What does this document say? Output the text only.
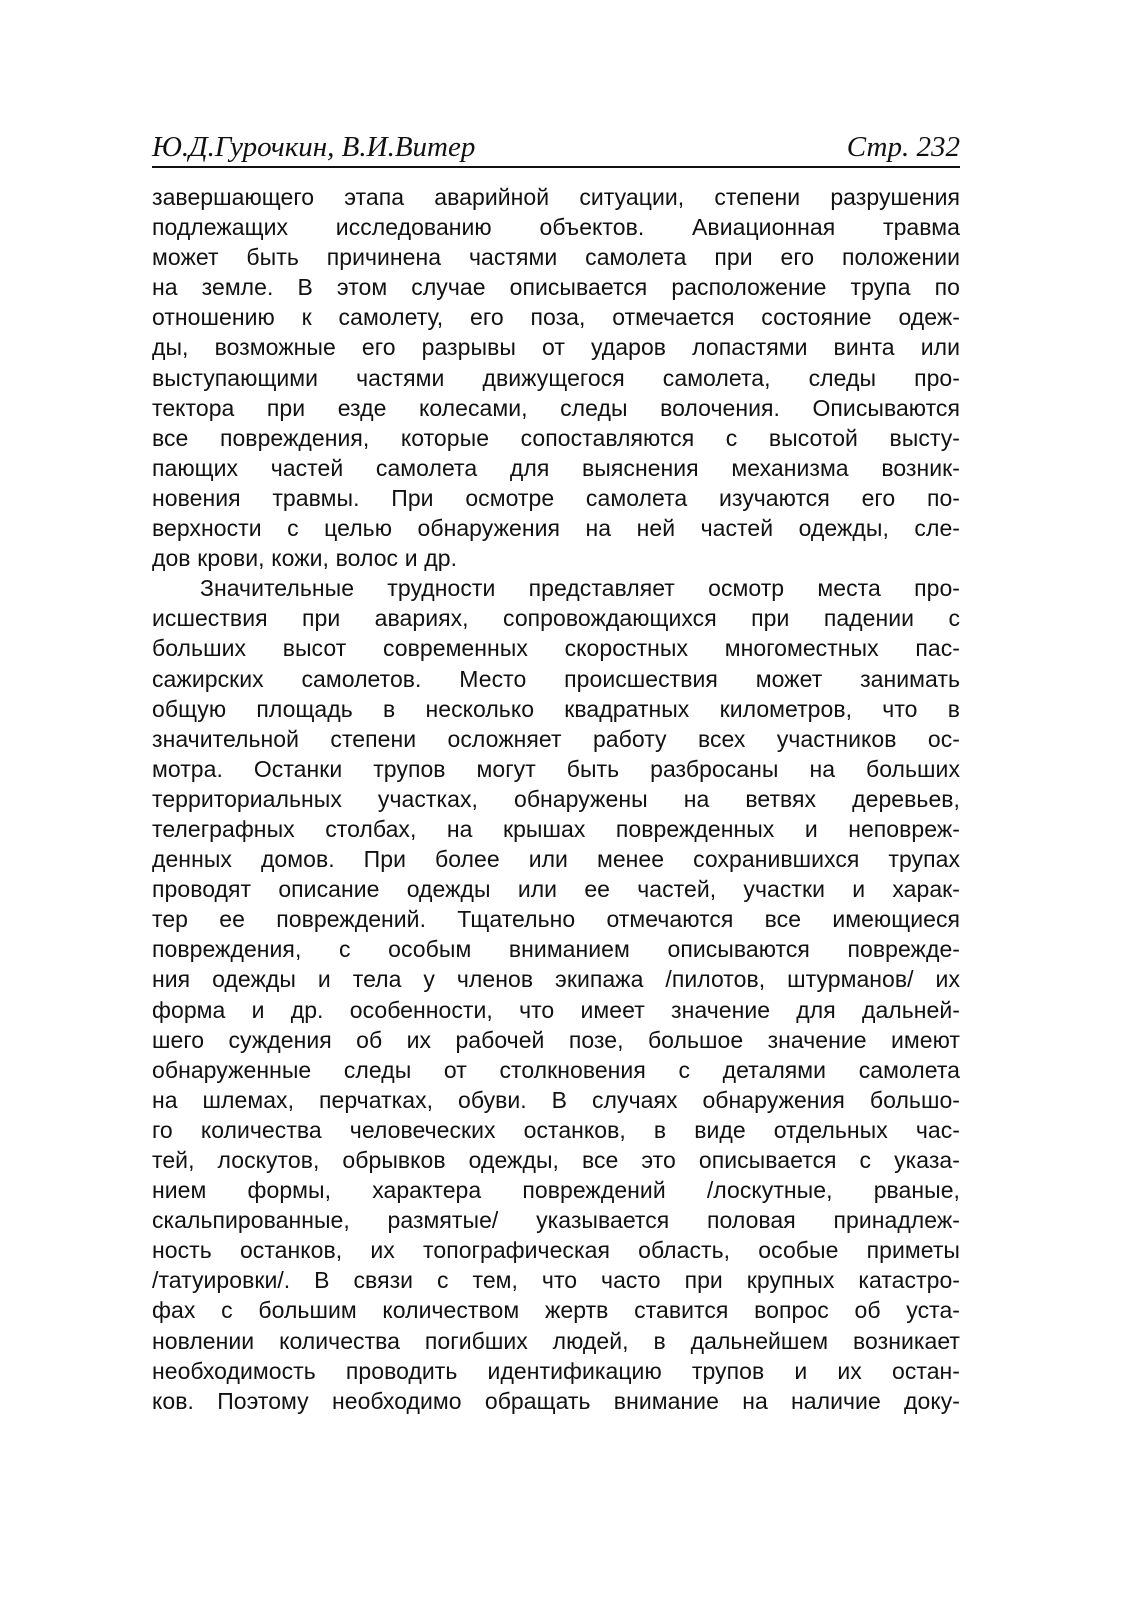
Ю.Д.Гурочкин, В.И.Витер	Стр. 232
завершающего этапа аварийной ситуации, степени разрушения
подлежащих исследованию объектов. Авиационная травма
может быть причинена частями самолета при его положении
на земле. В этом случае описывается расположение трупа по
отношению к самолету, его поза, отмечается состояние одеж-
ды, возможные его разрывы от ударов лопастями винта или
выступающими частями движущегося самолета, следы про-
тектора при езде колесами, следы волочения. Описываются
все повреждения, которые сопоставляются с высотой высту-
пающих частей самолета для выяснения механизма возник-
новения травмы. При осмотре самолета изучаются его по-
верхности с целью обнаружения на ней частей одежды, сле-
дов крови, кожи, волос и др.
Значительные трудности представляет осмотр места про-
исшествия при авариях, сопровождающихся при падении с
больших высот современных скоростных многоместных пас-
сажирских самолетов. Место происшествия может занимать
общую площадь в несколько квадратных километров, что в
значительной степени осложняет работу всех участников ос-
мотра. Останки трупов могут быть разбросаны на больших
территориальных участках, обнаружены на ветвях деревьев,
телеграфных столбах, на крышах поврежденных и неповреж-
денных домов. При более или менее сохранившихся трупах
проводят описание одежды или ее частей, участки и харак-
тер ее повреждений. Тщательно отмечаются все имеющиеся
повреждения, с особым вниманием описываются поврежде-
ния одежды и тела у членов экипажа /пилотов, штурманов/ их
форма и др. особенности, что имеет значение для дальней-
шего суждения об их рабочей позе, большое значение имеют
обнаруженные следы от столкновения с деталями самолета
на шлемах, перчатках, обуви. В случаях обнаружения большо-
го количества человеческих останков, в виде отдельных час-
тей, лоскутов, обрывков одежды, все это описывается с указа-
нием формы, характера повреждений /лоскутные, рваные,
скальпированные, размятые/ указывается половая принадлеж-
ность останков, их топографическая область, особые приметы
/татуировки/. В связи с тем, что часто при крупных катастро-
фах с большим количеством жертв ставится вопрос об уста-
новлении количества погибших людей, в дальнейшем возникает
необходимость проводить идентификацию трупов и их остан-
ков. Поэтому необходимо обращать внимание на наличие доку-
